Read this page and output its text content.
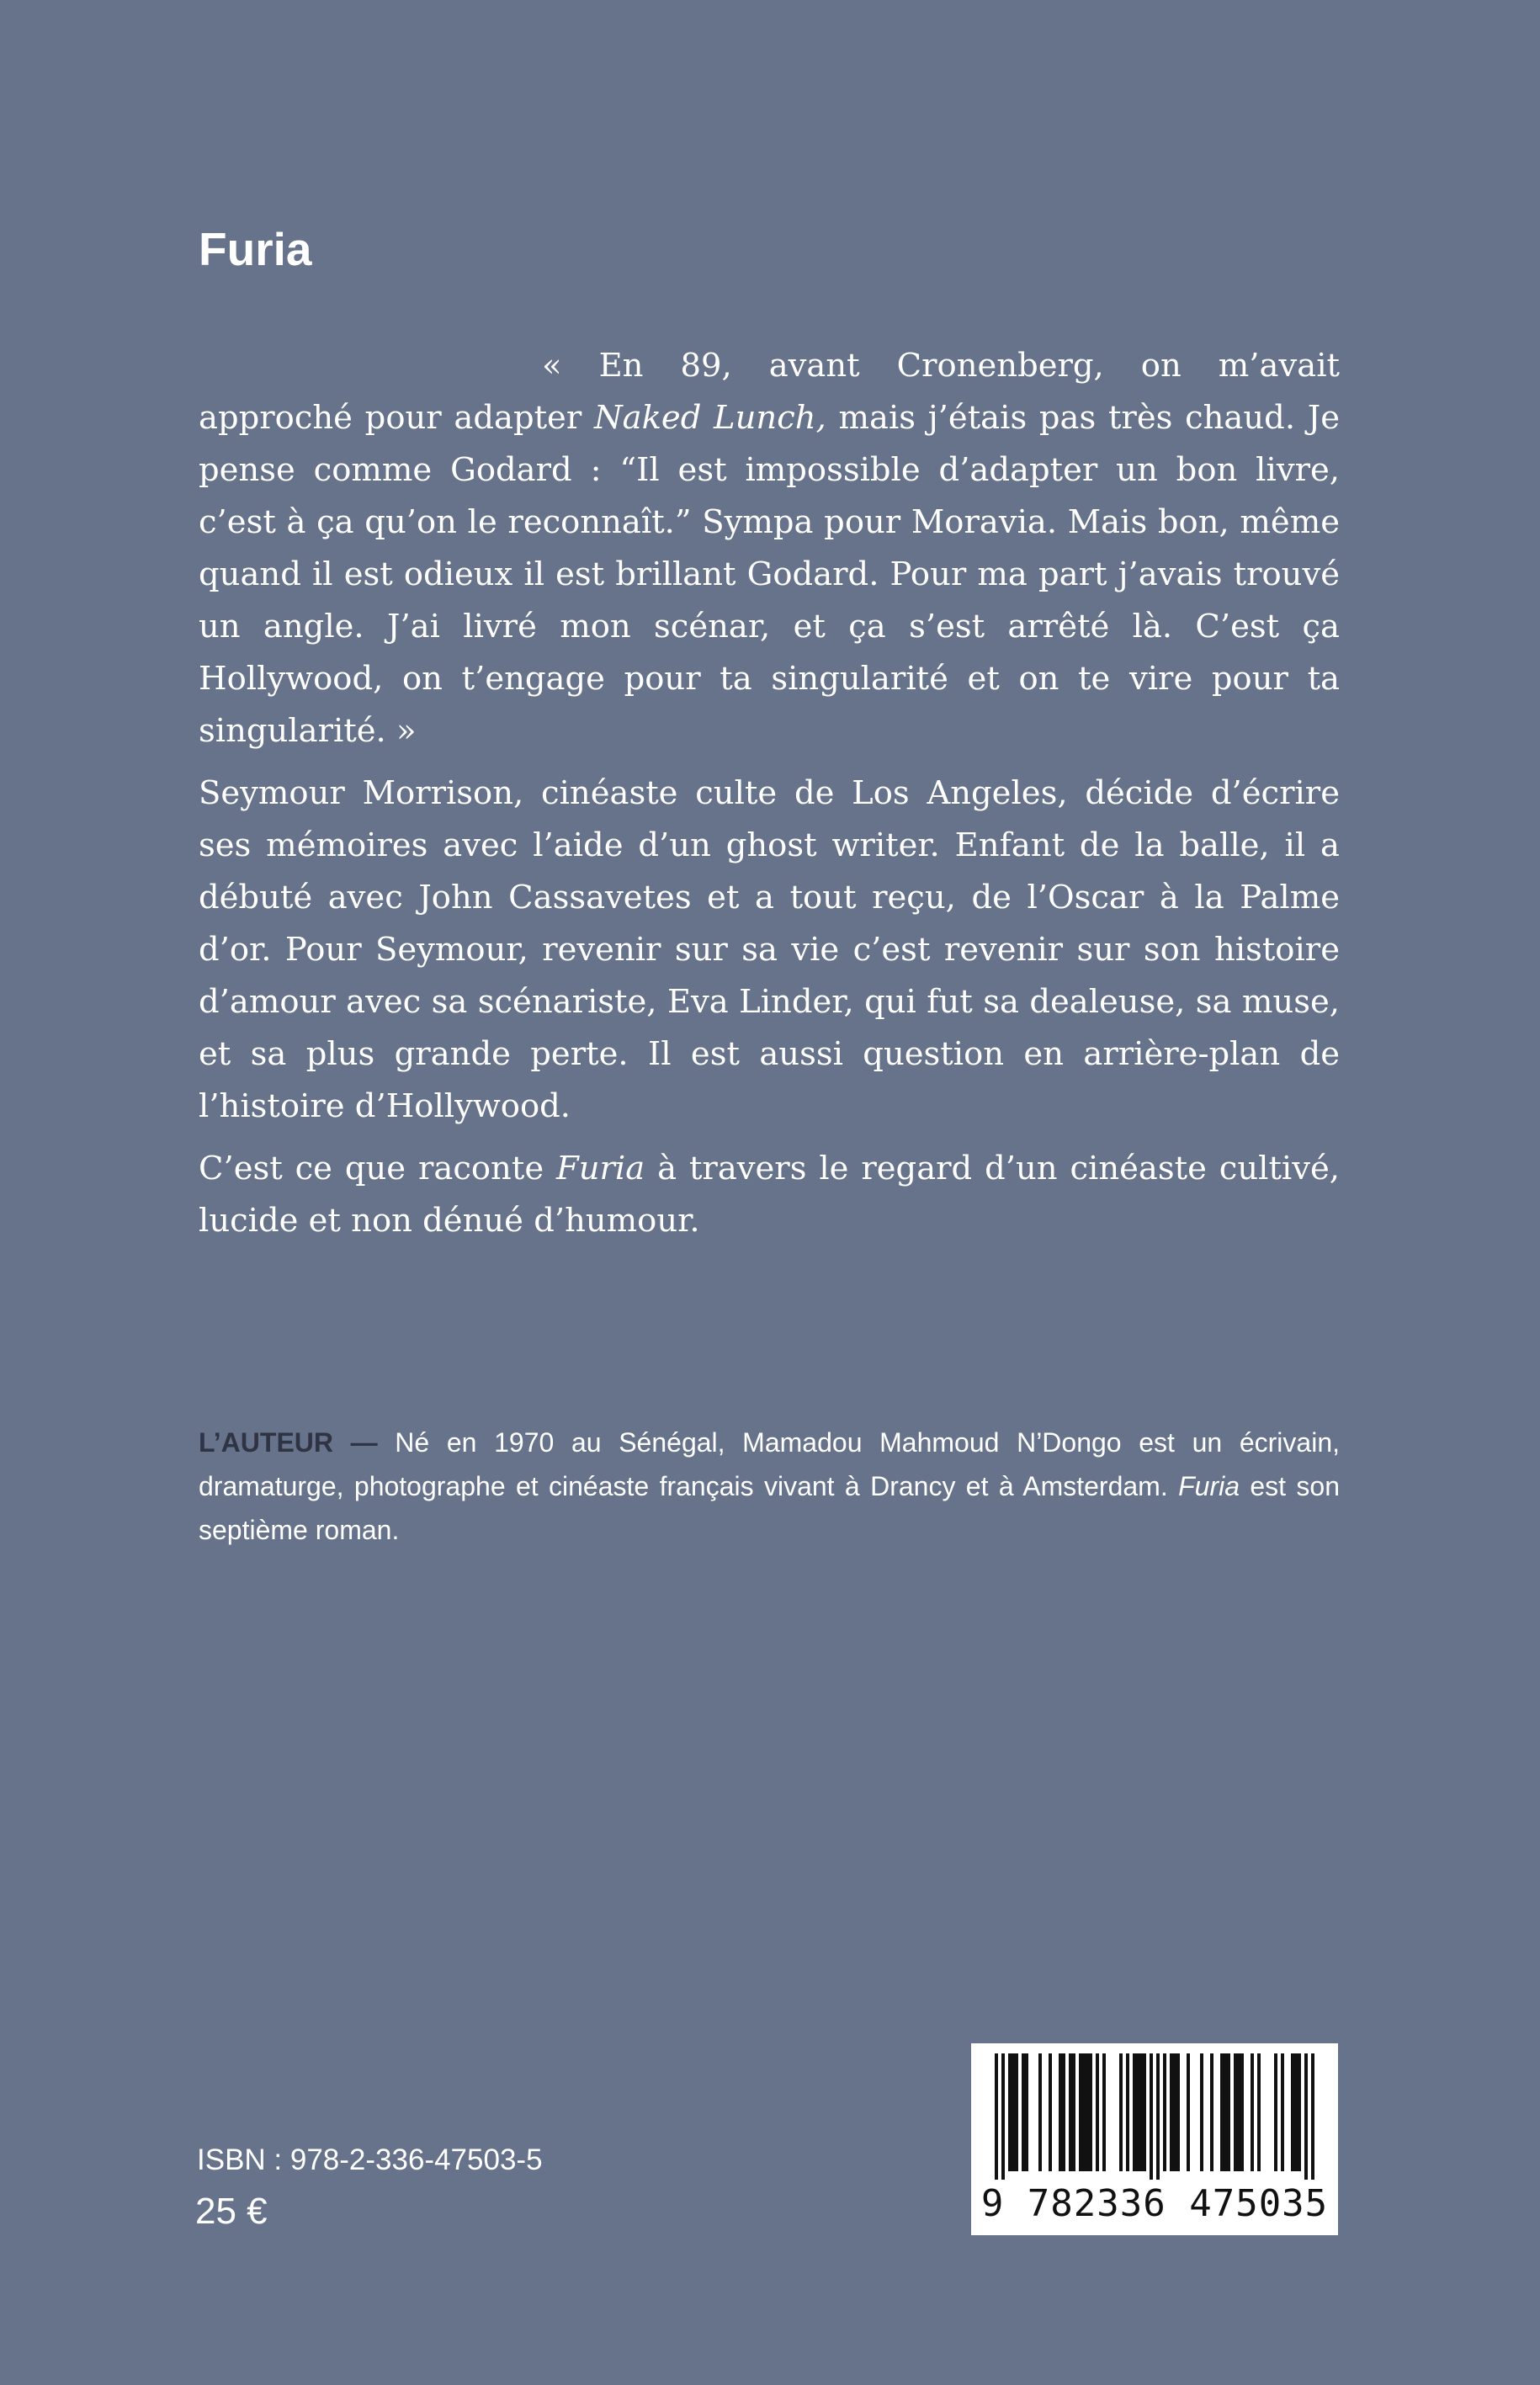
Furia

« En 89, avant Cronenberg, on m’avait approché pour adapter Naked Lunch, mais j’étais pas très chaud. Je pense comme Godard : “Il est impossible d’adapter un bon livre, c’est à ça qu’on le reconnaît.” Sympa pour Moravia. Mais bon, même quand il est odieux il est brillant Godard. Pour ma part j’avais trouvé un angle. J’ai livré mon scénar, et ça s’est arrêté là. C’est ça Hollywood, on t’engage pour ta singularité et on te vire pour ta singularité. »

Seymour Morrison, cinéaste culte de Los Angeles, décide d’écrire ses mémoires avec l’aide d’un ghost writer. Enfant de la balle, il a débuté avec John Cassavetes et a tout reçu, de l’Oscar à la Palme d’or. Pour Seymour, revenir sur sa vie c’est revenir sur son histoire d’amour avec sa scénariste, Eva Linder, qui fut sa dealeuse, sa muse, et sa plus grande perte. Il est aussi question en arrière-plan de l’histoire d’Hollywood.

C’est ce que raconte Furia à travers le regard d’un cinéaste cultivé, lucide et non dénué d’humour.

L’AUTEUR — Né en 1970 au Sénégal, Mamadou Mahmoud N’Dongo est un écrivain, dramaturge, photographe et cinéaste français vivant à Drancy et à Amsterdam. Furia est son septième roman.

ISBN : 978-2-336-47503-5
25 €	9 782336 475035
